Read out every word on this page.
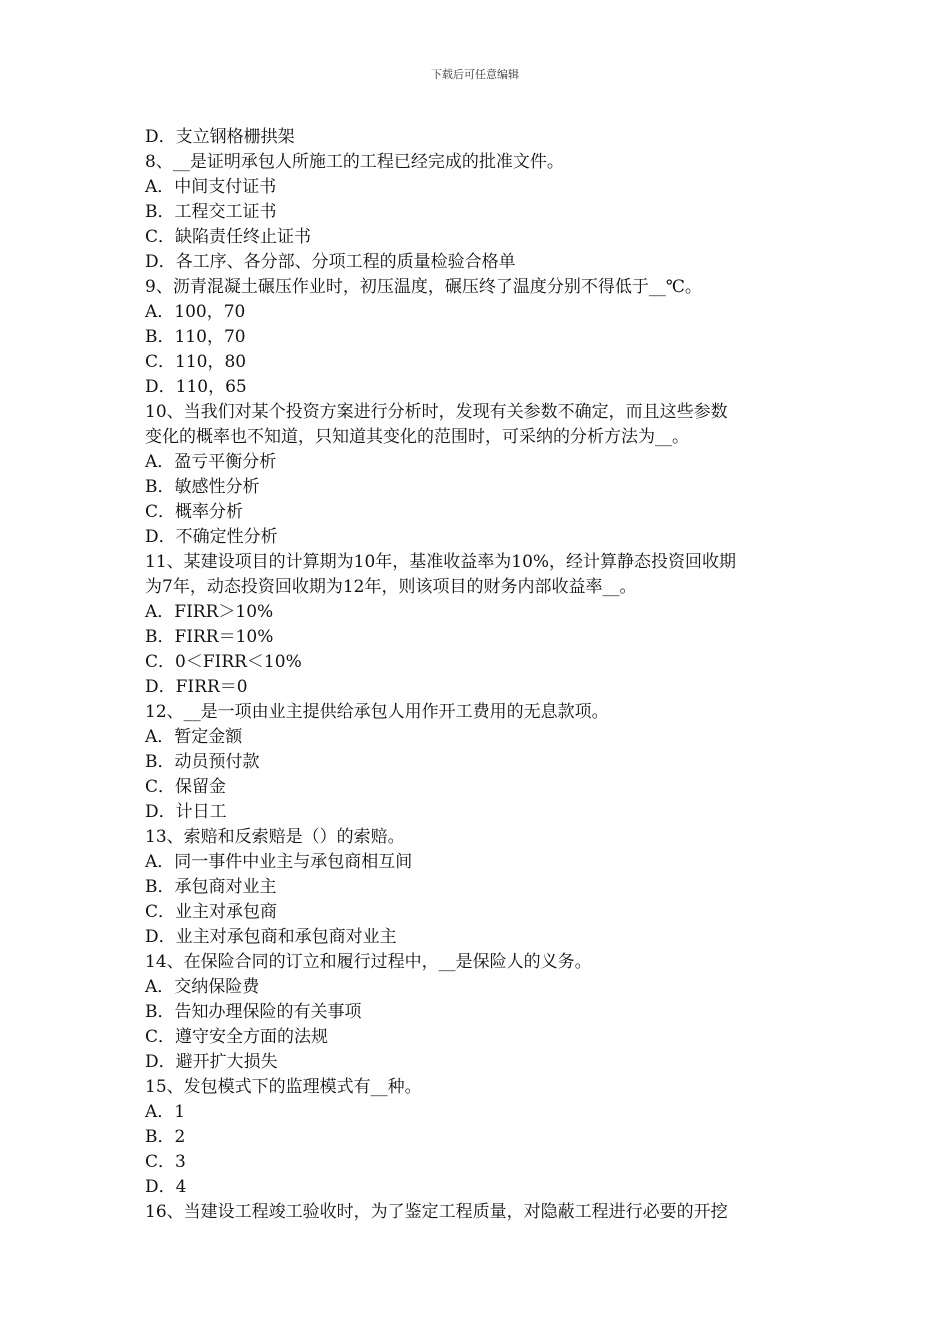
下载后可任意编辑
D．支立钢格栅拱架
8、__是证明承包人所施工的工程已经完成的批准文件。
A．中间支付证书
B．工程交工证书
C．缺陷责任终止证书
D．各工序、各分部、分项工程的质量检验合格单
9、沥青混凝土碾压作业时，初压温度，碾压终了温度分别不得低于__℃。
A．100，70
B．110，70
C．110，80
D．110，65
10、当我们对某个投资方案进行分析时，发现有关参数不确定，而且这些参数
变化的概率也不知道，只知道其变化的范围时，可采纳的分析方法为__。
A．盈亏平衡分析
B．敏感性分析
C．概率分析
D．不确定性分析
11、某建设项目的计算期为10年，基准收益率为10%，经计算静态投资回收期
为7年，动态投资回收期为12年，则该项目的财务内部收益率__。
A．FIRR＞10%
B．FIRR＝10%
C．0＜FIRR＜10%
D．FIRR＝0
12、__是一项由业主提供给承包人用作开工费用的无息款项。
A．暂定金额
B．动员预付款
C．保留金
D．计日工
13、索赔和反索赔是（）的索赔。
A．同一事件中业主与承包商相互间
B．承包商对业主
C．业主对承包商
D．业主对承包商和承包商对业主
14、在保险合同的订立和履行过程中，__是保险人的义务。
A．交纳保险费
B．告知办理保险的有关事项
C．遵守安全方面的法规
D．避开扩大损失
15、发包模式下的监理模式有__种。
A．1
B．2
C．3
D．4
16、当建设工程竣工验收时，为了鉴定工程质量，对隐蔽工程进行必要的开挖
